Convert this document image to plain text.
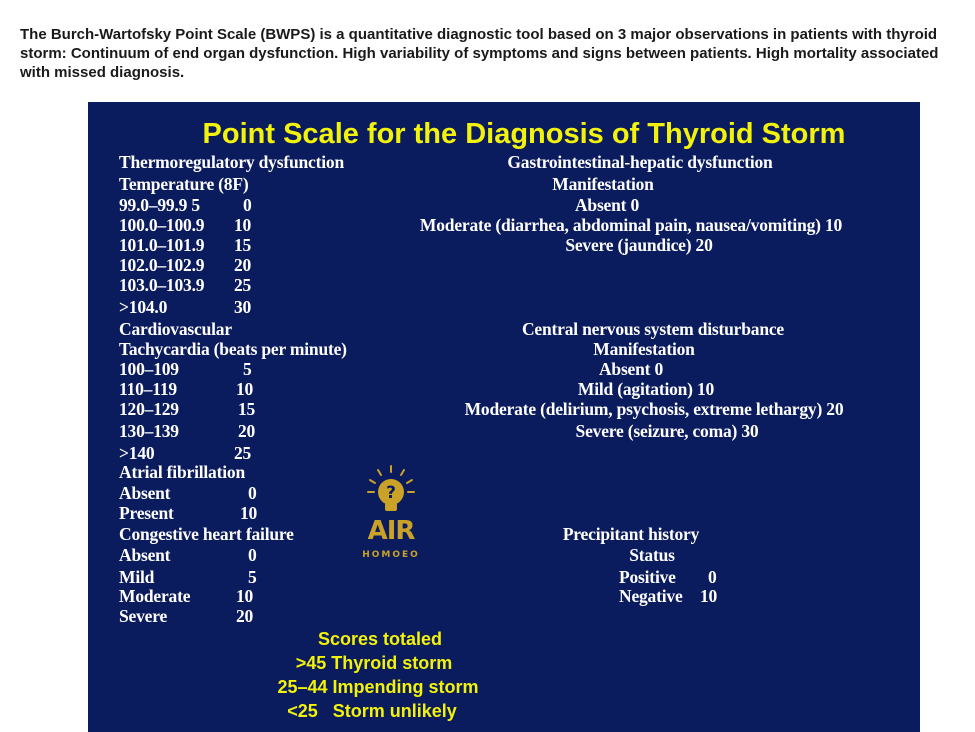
The Burch-Wartofsky Point Scale (BWPS) is a quantitative diagnostic tool based on 3 major observations in patients with thyroid storm: Continuum of end organ dysfunction. High variability of symptoms and signs between patients. High mortality associated with missed diagnosis.
Point Scale for the Diagnosis of Thyroid Storm
Thermoregulatory dysfunction
Temperature (8F)
99.0–99.9 5 0
100.0–100.9 10
101.0–101.9 15
102.0–102.9 20
103.0–103.9 25
>104.0	30
Cardiovascular
Tachycardia (beats per minute)
100–109	5
110–119	10
120–129	15
130–139	20
>140	25
Atrial fibrillation
Absent	0
Present	10
Congestive heart failure
Absent	0
Mild	5
Moderate	10
Severe	20
Gastrointestinal-hepatic dysfunction
Manifestation
Absent 0
Moderate (diarrhea, abdominal pain, nausea/vomiting) 10
Severe (jaundice) 20
Central nervous system disturbance
Manifestation
Absent 0
Mild (agitation) 10
Moderate (delirium, psychosis, extreme lethargy) 20
Severe (seizure, coma) 30
Precipitant history
Status
Positive 0
Negative 10
Scores totaled
>45 Thyroid storm
25–44 Impending storm
<25   Storm unlikely
?
AIR
HOMOEO
